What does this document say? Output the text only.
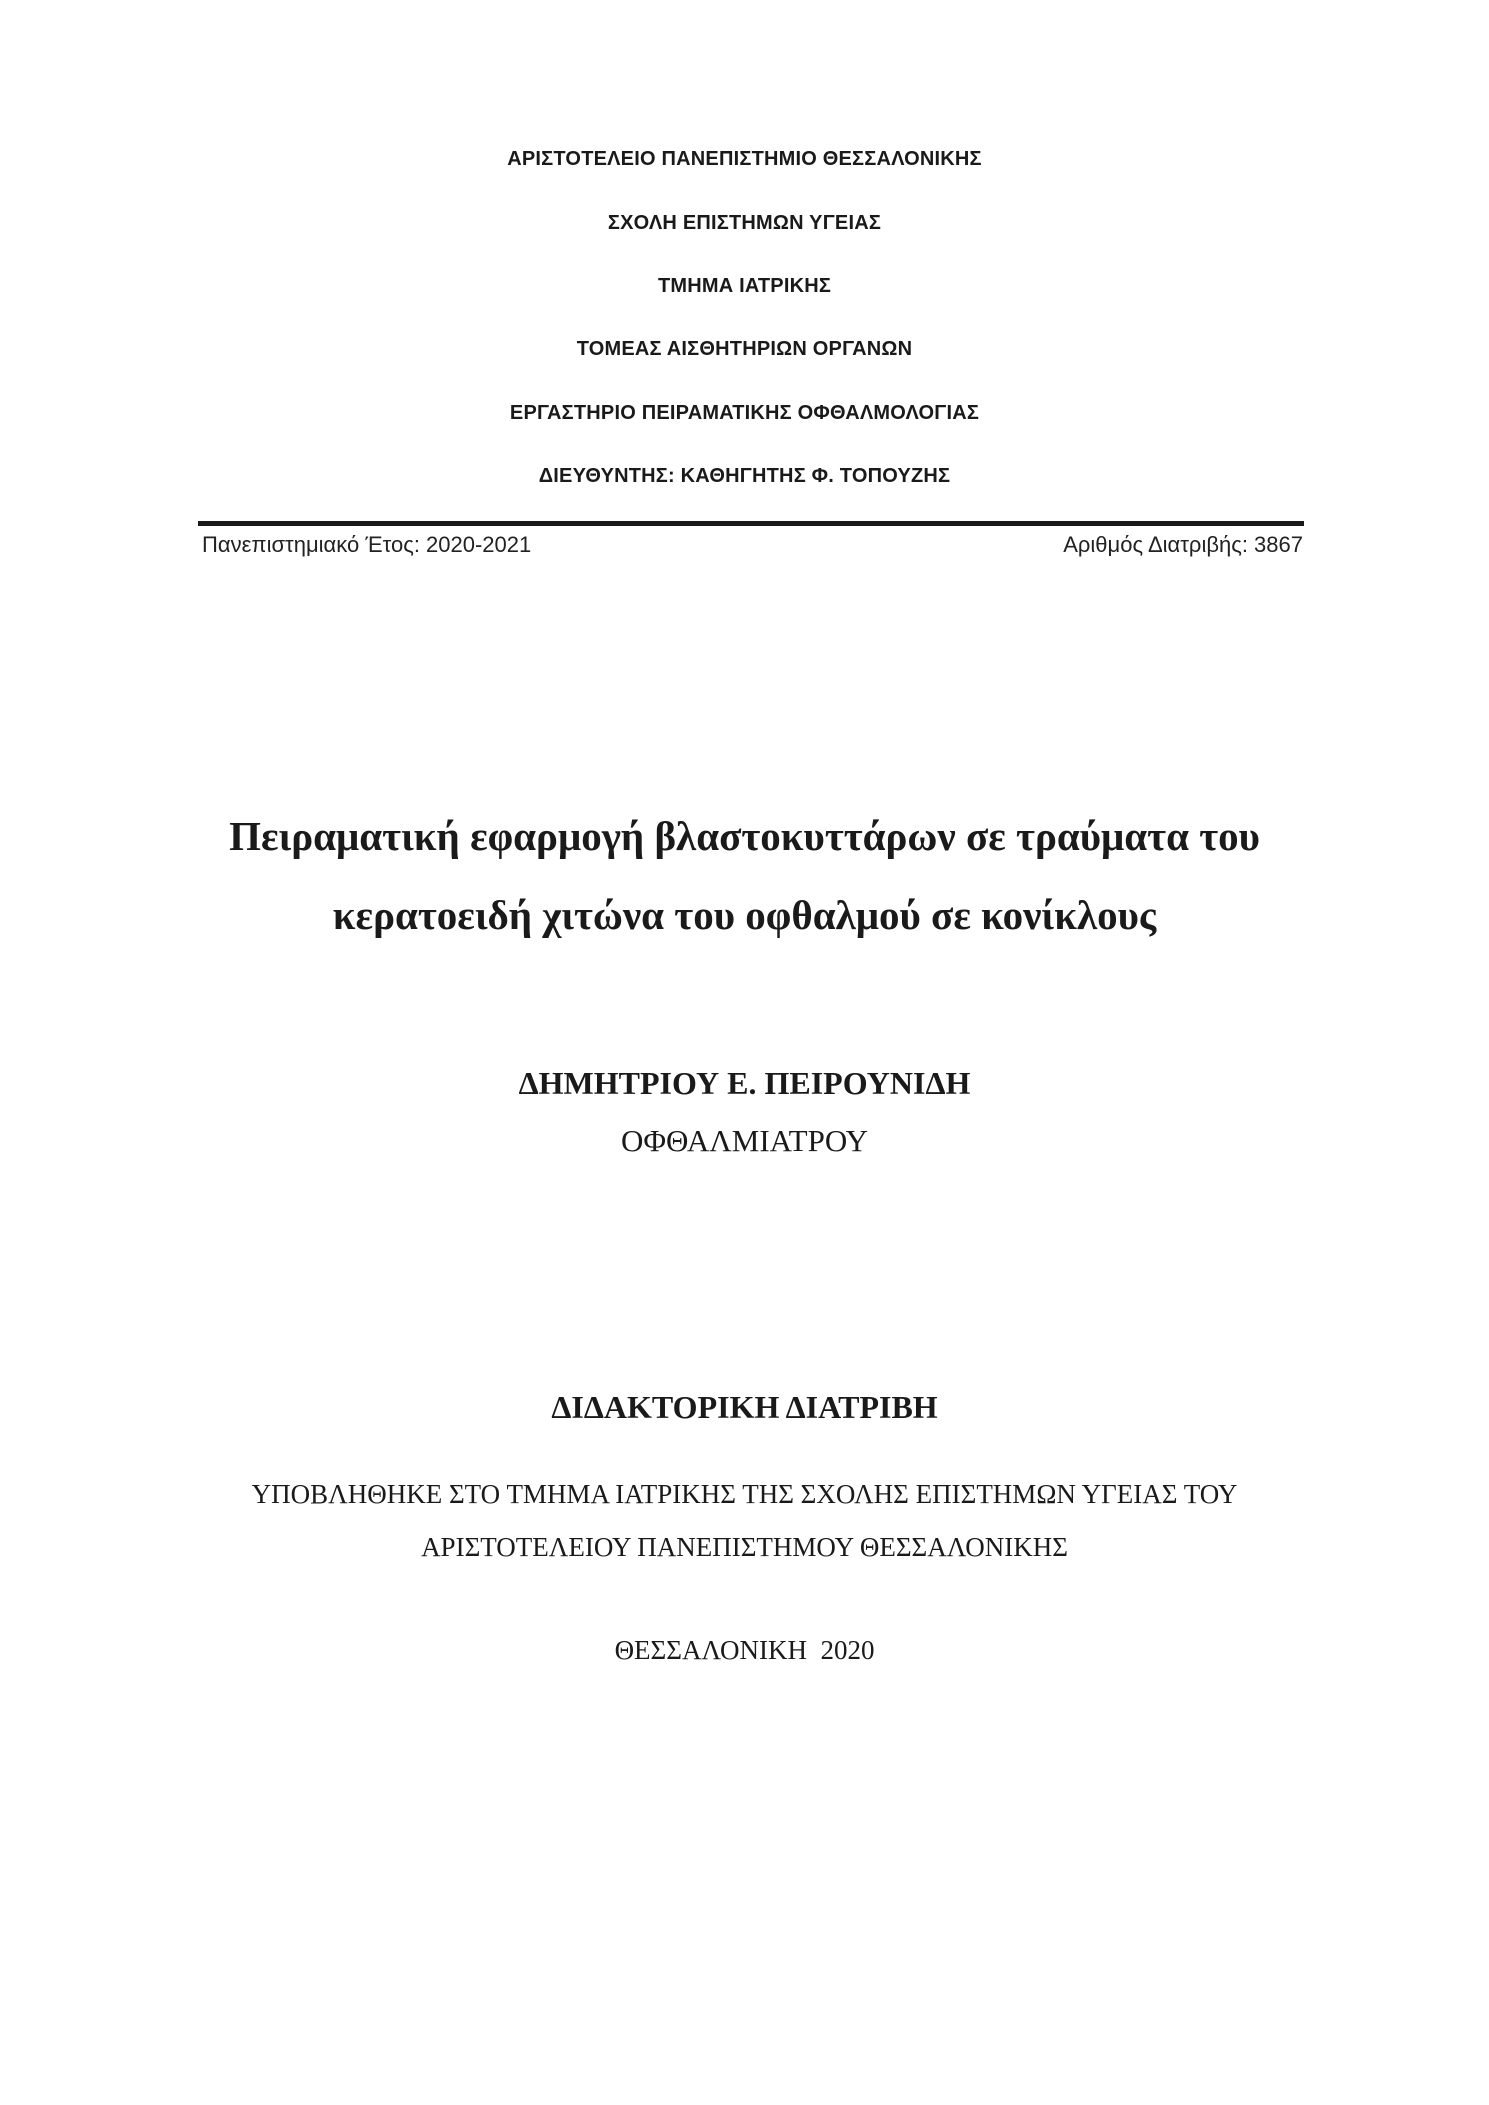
ΑΡΙΣΤΟΤΕΛΕΙΟ ΠΑΝΕΠΙΣΤΗΜΙΟ ΘΕΣΣΑΛΟΝΙΚΗΣ
ΣΧΟΛΗ ΕΠΙΣΤΗΜΩΝ ΥΓΕΙΑΣ
ΤΜΗΜΑ ΙΑΤΡΙΚΗΣ
ΤΟΜΕΑΣ ΑΙΣΘΗΤΗΡΙΩΝ ΟΡΓΑΝΩΝ
ΕΡΓΑΣΤΗΡΙΟ ΠΕΙΡΑΜΑΤΙΚΗΣ ΟΦΘΑΛΜΟΛΟΓΙΑΣ
ΔΙΕΥΘΥΝΤΗΣ: ΚΑΘΗΓΗΤΗΣ Φ. ΤΟΠΟΥΖΗΣ
Πανεπιστημιακό Έτος: 2020-2021	Αριθμός Διατριβής: 3867
Πειραματική εφαρμογή βλαστοκυττάρων σε τραύματα του
κερατοειδή χιτώνα του οφθαλμού σε κονίκλους
ΔΗΜΗΤΡΙΟΥ Ε. ΠΕΙΡΟΥΝΙΔΗ
ΟΦΘΑΛΜΙΑΤΡΟΥ
ΔΙΔΑΚΤΟΡΙΚΗ ΔΙΑΤΡΙΒΗ
ΥΠΟΒΛΗΘΗΚΕ ΣΤΟ ΤΜΗΜΑ ΙΑΤΡΙΚΗΣ ΤΗΣ ΣΧΟΛΗΣ ΕΠΙΣΤΗΜΩΝ ΥΓΕΙΑΣ ΤΟΥ
ΑΡΙΣΤΟΤΕΛΕΙΟΥ ΠΑΝΕΠΙΣΤΗΜΟΥ ΘΕΣΣΑΛΟΝΙΚΗΣ
ΘΕΣΣΑΛΟΝΙΚΗ  2020
